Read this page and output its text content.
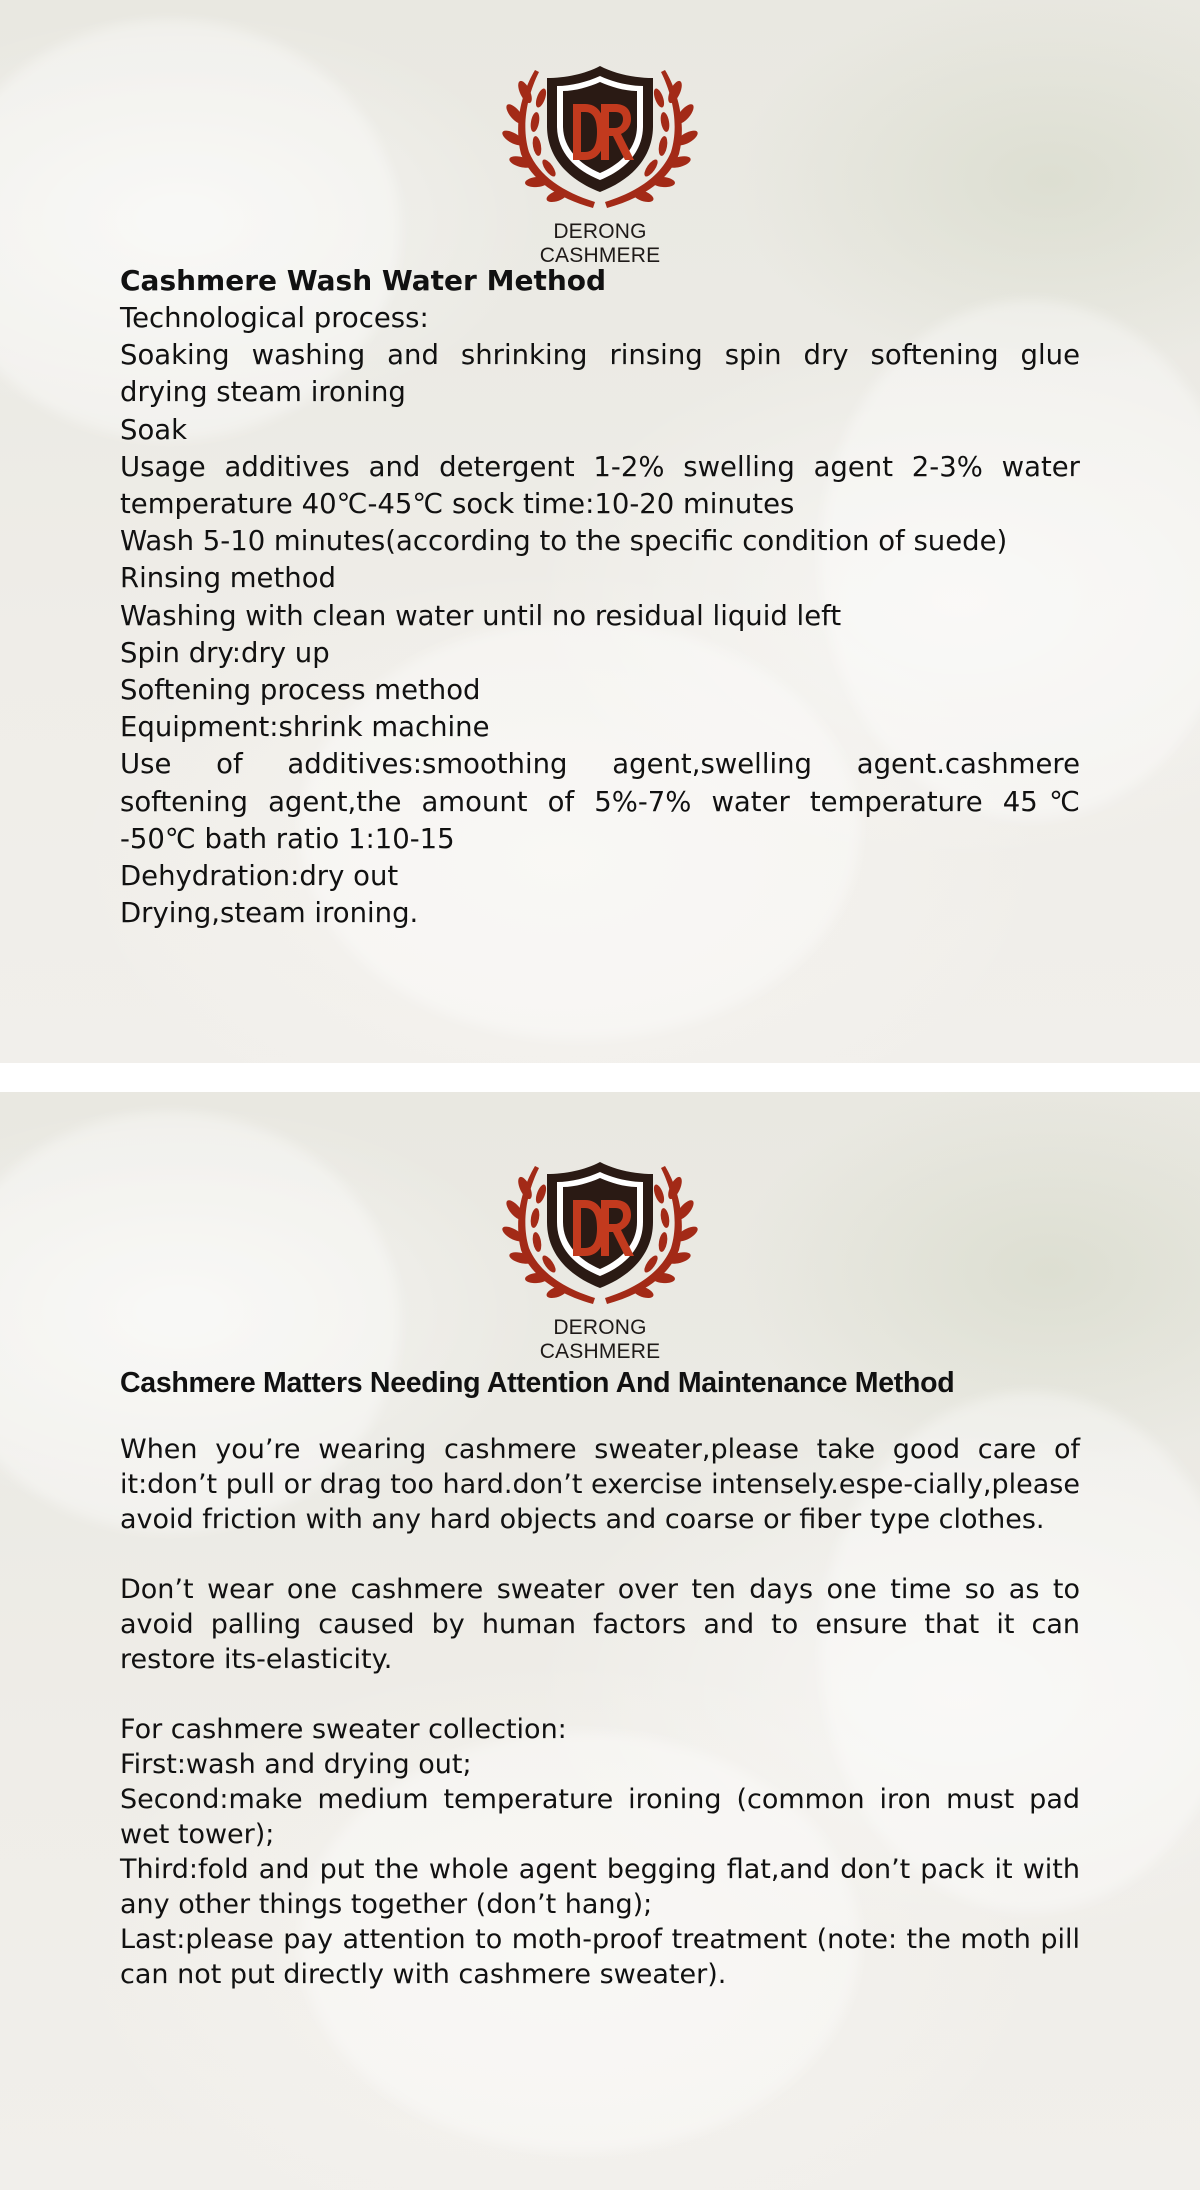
DERONG CASHMERE
Cashmere Wash Water Method

Technological process:

Soaking washing and shrinking rinsing spin dry softening glue

drying steam ironing

Soak

Usage additives and detergent 1-2% swelling agent 2-3% water

temperature 40℃-45℃ sock time:10-20 minutes

Wash 5-10 minutes(according to the specific condition of suede)

Rinsing method

Washing with clean water until no residual liquid left

Spin dry:dry up

Softening process method

Equipment:shrink machine

Use of additives:smoothing agent,swelling agent.cashmere

softening agent,the amount of 5%-7% water temperature 45℃

-50℃ bath ratio 1:10-15

Dehydration:dry out

Drying,steam ironing.

DERONG CASHMERE
Cashmere Matters Needing Attention And Maintenance Method

When you’re wearing cashmere sweater,please take good care of it:don’t pull or drag too hard.don’t exercise intensely.espe-cially,please avoid friction with any hard objects and coarse or fiber type clothes.

Don’t wear one cashmere sweater over ten days one time so as to avoid palling caused by human factors and to ensure that it can restore its-elasticity.

For cashmere sweater collection:

First:wash and drying out;

Second:make medium temperature ironing (common iron must pad wet tower);

Third:fold and put the whole agent begging flat,and don’t pack it with any other things together (don’t hang);

Last:please pay attention to moth-proof treatment (note: the moth pill can not put directly with cashmere sweater).
